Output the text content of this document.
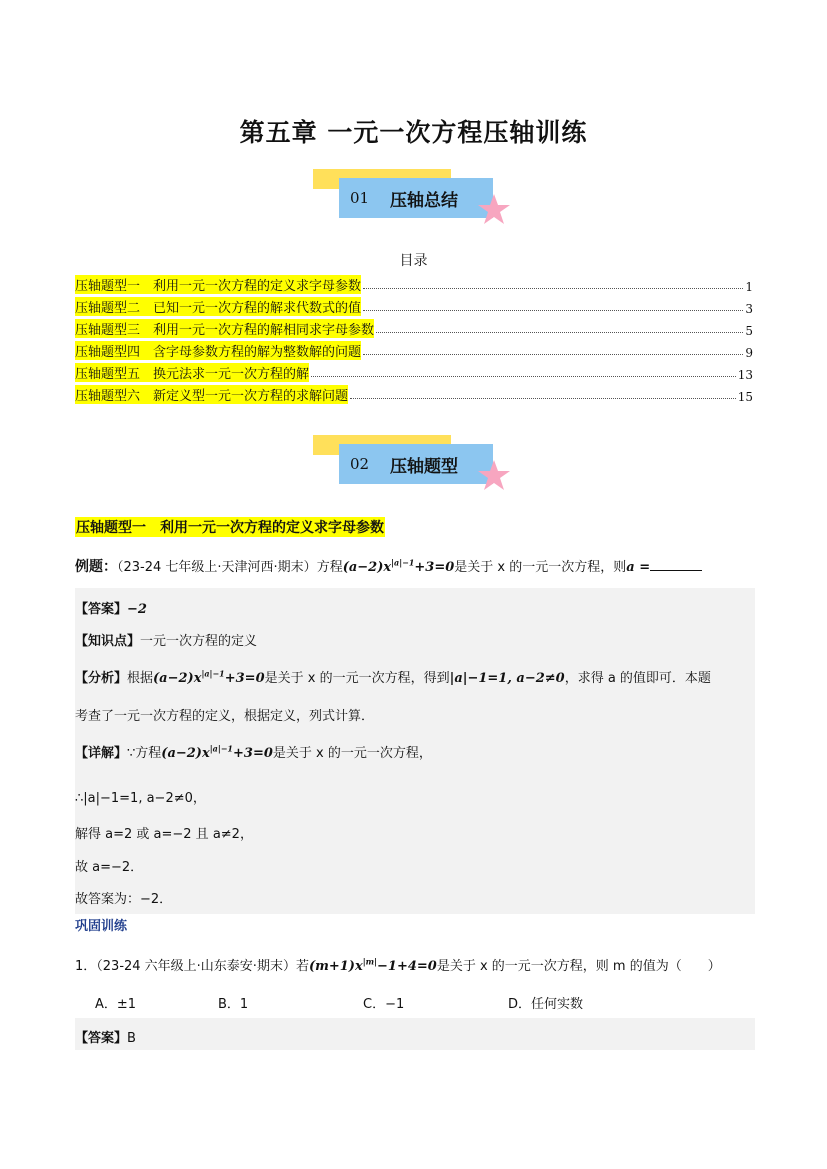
第五章 一元一次方程压轴训练
01	压轴总结
目录
压轴题型一　利用一元一次方程的定义求字母参数	1
压轴题型二　已知一元一次方程的解求代数式的值	3
压轴题型三　利用一元一次方程的解相同求字母参数	5
压轴题型四　含字母参数方程的解为整数解的问题	9
压轴题型五　换元法求一元一次方程的解	13
压轴题型六　新定义型一元一次方程的求解问题	15
02	压轴题型
压轴题型一　利用一元一次方程的定义求字母参数
例题：（23-24 七年级上·天津河西·期末）方程$(a-2)x^{|a|-1}+3=0$是关于 x 的一元一次方程，则a =
【答案】−2
【知识点】一元一次方程的定义
【分析】根据$(a-2)x^{|a|-1}+3=0$是关于 x 的一元一次方程，得到|a|−1=1, a−2≠0，求得 a 的值即可．本题
考查了一元一次方程的定义，根据定义，列式计算．
【详解】∵方程$(a-2)x^{|a|-1}+3=0$是关于 x 的一元一次方程，
∴|a|−1=1, a−2≠0，
解得 a=2 或 a=−2 且 a≠2，
故 a=−2．
故答案为：−2．
巩固训练
1．（23-24 六年级上·山东泰安·期末）若$(m+1)x^{|m|}-1+4=0$是关于 x 的一元一次方程，则 m 的值为（　　）
A．±1	B．1	C．−1	D．任何实数
【答案】B
